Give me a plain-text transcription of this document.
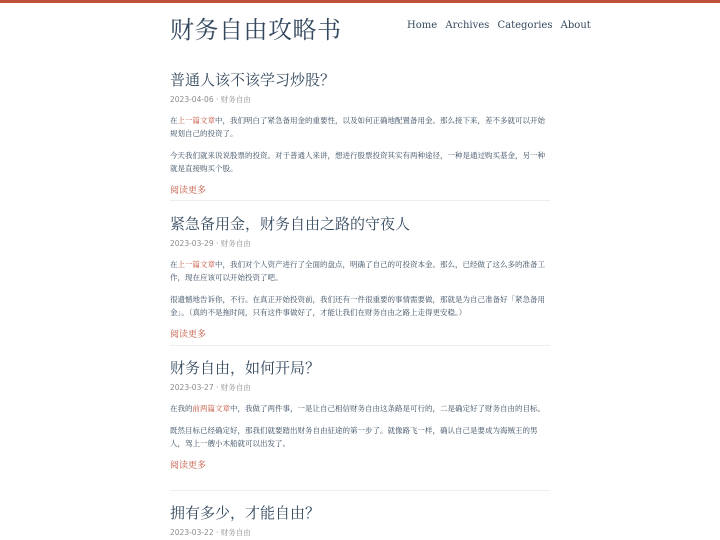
财务自由攻略书	Home Archives Categories About
普通人该不该学习炒股？
2023-04-06 · 财务自由

在上一篇文章中，我们明白了紧急备用金的重要性，以及如何正确地配置备用金。那么接下来，差不多就可以开始规划自己的投资了。

今天我们就来说说股票的投资。对于普通人来讲，想进行股票投资其实有两种途径，一种是通过购买基金，另一种就是直接购买个股。

阅读更多
紧急备用金，财务自由之路的守夜人
2023-03-29 · 财务自由

在上一篇文章中，我们对个人资产进行了全面的盘点，明确了自己的可投资本金。那么，已经做了这么多的准备工作，现在应该可以开始投资了吧。

很遗憾地告诉你，不行。在真正开始投资前，我们还有一件很重要的事情需要做，那就是为自己准备好「紧急备用金」。（真的不是拖时间，只有这件事做好了，才能让我们在财务自由之路上走得更安稳。）

阅读更多
财务自由，如何开局？
2023-03-27 · 财务自由

在我的前两篇文章中，我做了两件事，一是让自己相信财务自由这条路是可行的，二是确定好了财务自由的目标。

既然目标已经确定好，那我们就要踏出财务自由征途的第一步了。就像路飞一样，确认自己是要成为海贼王的男人，驾上一艘小木船就可以出发了。

阅读更多
拥有多少，才能自由？
2023-03-22 · 财务自由
